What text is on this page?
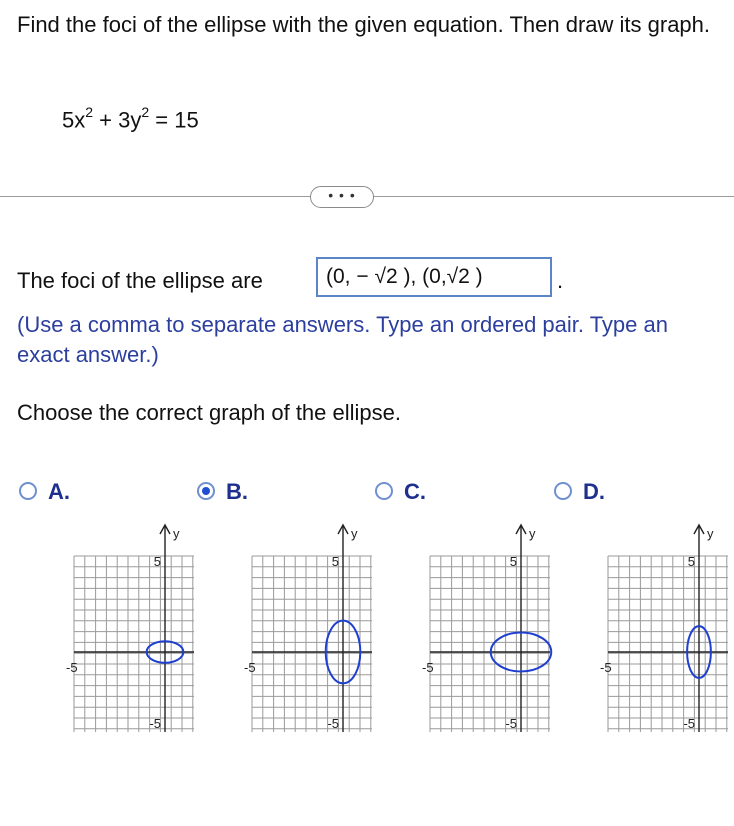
Find the foci of the ellipse with the given equation. Then draw its graph.
$5x^2 + 3y^2 = 15$
• • •
The foci of the ellipse are	(0, − √2 ), (0,√2 )	.
(Use a comma to separate answers. Type an ordered pair. Type an exact answer.)
Choose the correct graph of the ellipse.
A.	B.	C.	D.
y
5
-5
-5
y
5
-5
-5
y
5
-5
-5
y
5
-5
-5
